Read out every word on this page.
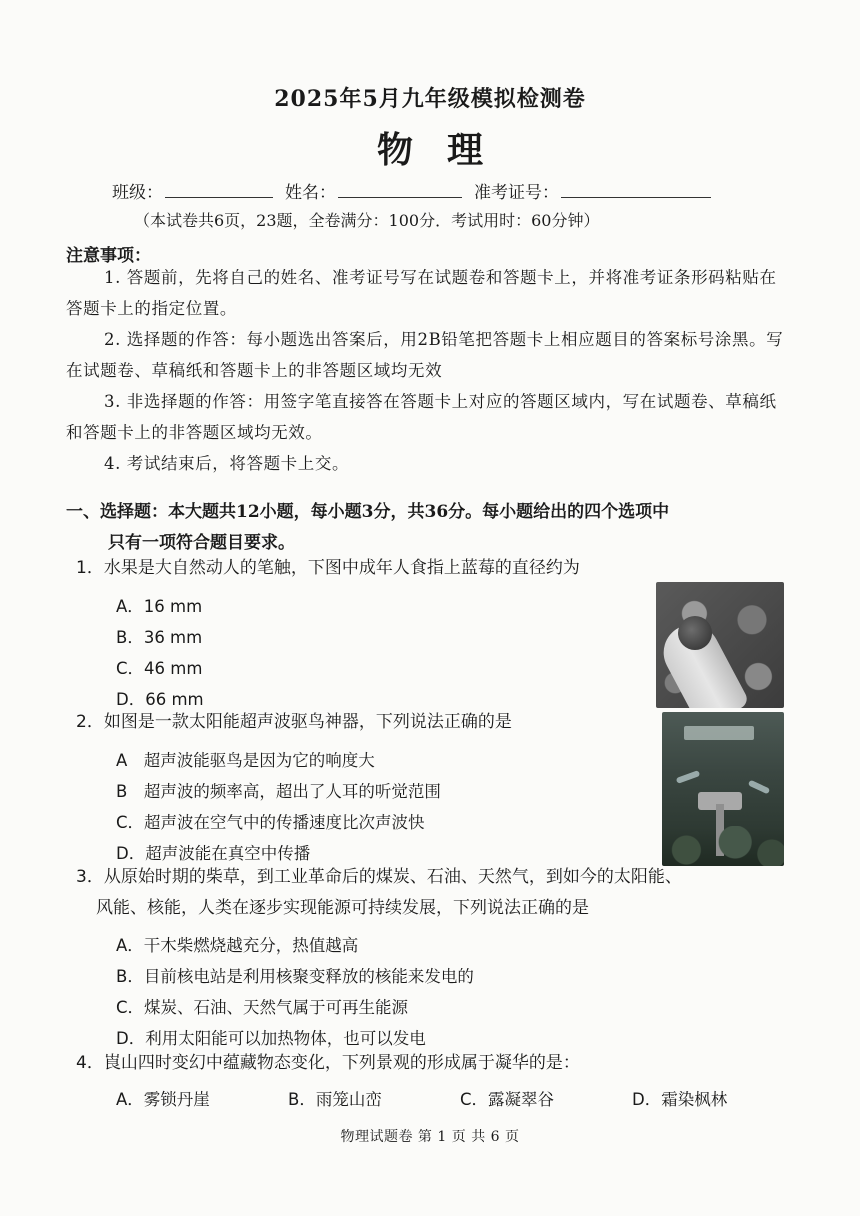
2025年5月九年级模拟检测卷
物理
班级：	姓名：	准考证号：
（本试卷共6页，23题，全卷满分：100分．考试用时：60分钟）
注意事项：

1. 答题前，先将自己的姓名、准考证号写在试题卷和答题卡上，并将准考证条形码粘贴在答题卡上的指定位置。

2. 选择题的作答：每小题选出答案后，用2B铅笔把答题卡上相应题目的答案标号涂黑。写在试题卷、草稿纸和答题卡上的非答题区域均无效

3. 非选择题的作答：用签字笔直接答在答题卡上对应的答题区域内，写在试题卷、草稿纸和答题卡上的非答题区域均无效。

4. 考试结束后，将答题卡上交。

一、选择题：本大题共12小题，每小题3分，共36分。每小题给出的四个选项中
只有一项符合题目要求。

1．水果是大自然动人的笔触，下图中成年人食指上蓝莓的直径约为

A．16 mm
B．36 mm
C．46 mm
D．66 mm

2．如图是一款太阳能超声波驱鸟神器，下列说法正确的是

A　超声波能驱鸟是因为它的响度大
B　超声波的频率高，超出了人耳的听觉范围
C．超声波在空气中的传播速度比次声波快
D．超声波能在真空中传播

3．从原始时期的柴草，到工业革命后的煤炭、石油、天然气，到如今的太阳能、

风能、核能，人类在逐步实现能源可持续发展，下列说法正确的是

A．干木柴燃烧越充分，热值越高
B．目前核电站是利用核聚变释放的核能来发电的
C．煤炭、石油、天然气属于可再生能源
D．利用太阳能可以加热物体，也可以发电

4．崀山四时变幻中蕴藏物态变化，下列景观的形成属于凝华的是：

A．雾锁丹崖	B．雨笼山峦	C．露凝翠谷	D．霜染枫林
物理试题卷 第 1 页 共 6 页
